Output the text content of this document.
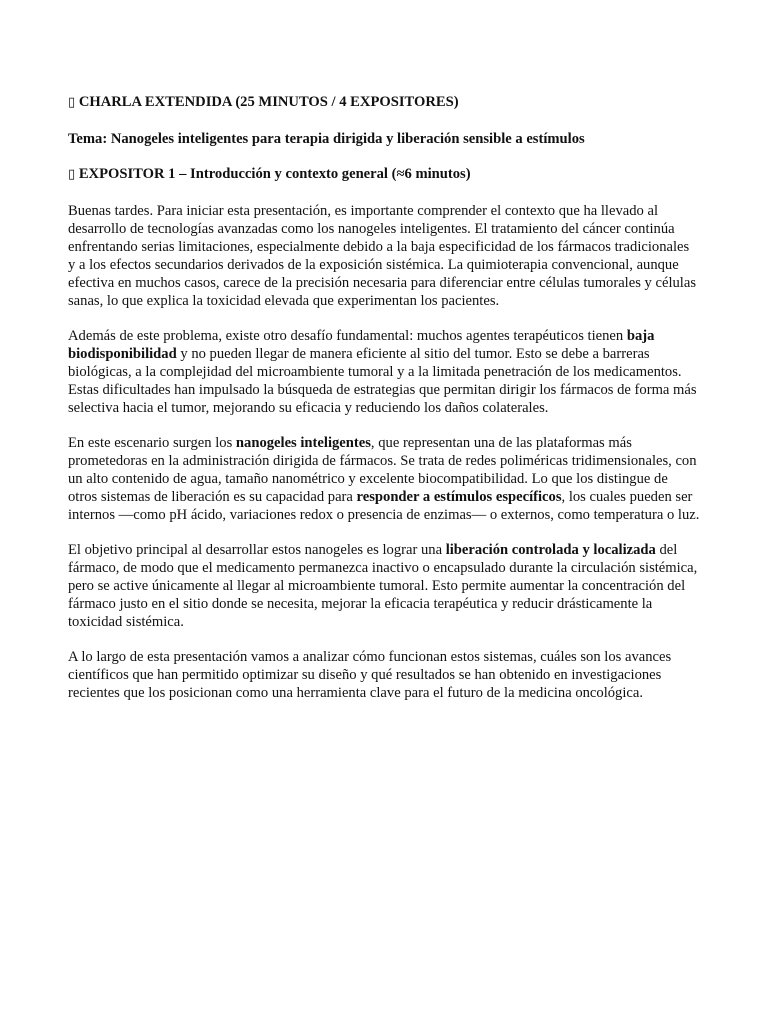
▯ CHARLA EXTENDIDA (25 MINUTOS / 4 EXPOSITORES)

Tema: Nanogeles inteligentes para terapia dirigida y liberación sensible a estímulos

▯ EXPOSITOR 1 – Introducción y contexto general (≈6 minutos)

Buenas tardes. Para iniciar esta presentación, es importante comprender el contexto que ha llevado al desarrollo de tecnologías avanzadas como los nanogeles inteligentes. El tratamiento del cáncer continúa enfrentando serias limitaciones, especialmente debido a la baja especificidad de los fármacos tradicionales y a los efectos secundarios derivados de la exposición sistémica. La quimioterapia convencional, aunque efectiva en muchos casos, carece de la precisión necesaria para diferenciar entre células tumorales y células sanas, lo que explica la toxicidad elevada que experimentan los pacientes.

Además de este problema, existe otro desafío fundamental: muchos agentes terapéuticos tienen baja biodisponibilidad y no pueden llegar de manera eficiente al sitio del tumor. Esto se debe a barreras biológicas, a la complejidad del microambiente tumoral y a la limitada penetración de los medicamentos. Estas dificultades han impulsado la búsqueda de estrategias que permitan dirigir los fármacos de forma más selectiva hacia el tumor, mejorando su eficacia y reduciendo los daños colaterales.

En este escenario surgen los nanogeles inteligentes, que representan una de las plataformas más prometedoras en la administración dirigida de fármacos. Se trata de redes poliméricas tridimensionales, con un alto contenido de agua, tamaño nanométrico y excelente biocompatibilidad. Lo que los distingue de otros sistemas de liberación es su capacidad para responder a estímulos específicos, los cuales pueden ser internos —como pH ácido, variaciones redox o presencia de enzimas— o externos, como temperatura o luz.

El objetivo principal al desarrollar estos nanogeles es lograr una liberación controlada y localizada del fármaco, de modo que el medicamento permanezca inactivo o encapsulado durante la circulación sistémica, pero se active únicamente al llegar al microambiente tumoral. Esto permite aumentar la concentración del fármaco justo en el sitio donde se necesita, mejorar la eficacia terapéutica y reducir drásticamente la toxicidad sistémica.

A lo largo de esta presentación vamos a analizar cómo funcionan estos sistemas, cuáles son los avances científicos que han permitido optimizar su diseño y qué resultados se han obtenido en investigaciones recientes que los posicionan como una herramienta clave para el futuro de la medicina oncológica.
